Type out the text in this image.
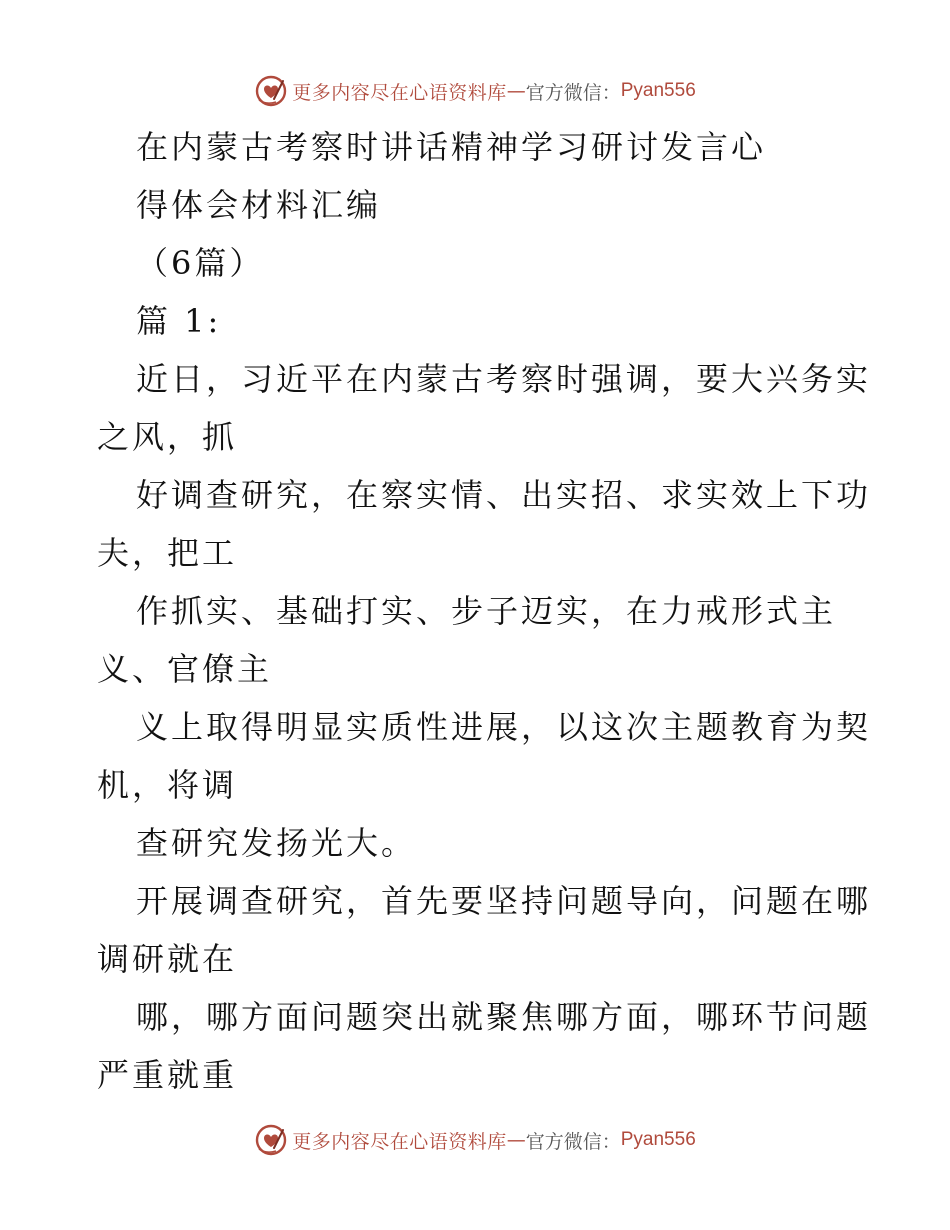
更多内容尽在心语资料库 — 官方微信： Pyan556
在内蒙古考察时讲话精神学习研讨发言心
得体会材料汇编
（6篇）
篇 1:
近日，习近平在内蒙古考察时强调，要大兴务实
之风，抓
好调查研究，在察实情、出实招、求实效上下功
夫，把工
作抓实、基础打实、步子迈实，在力戒形式主
义、官僚主
义上取得明显实质性进展，以这次主题教育为契
机，将调
查研究发扬光大。
开展调查研究，首先要坚持问题导向，问题在哪
调研就在
哪，哪方面问题突出就聚焦哪方面，哪环节问题
严重就重
更多内容尽在心语资料库 — 官方微信： Pyan556
